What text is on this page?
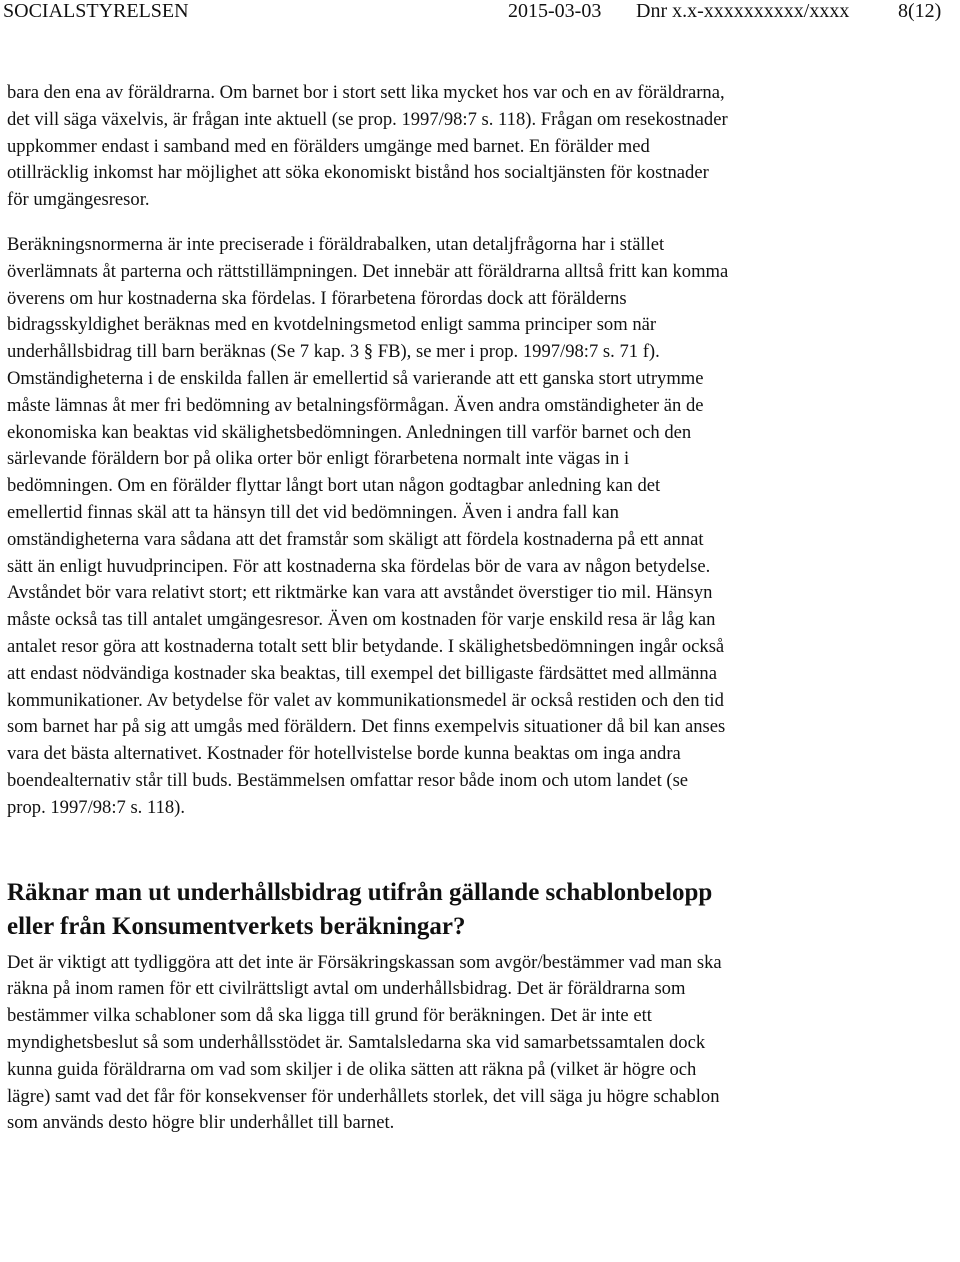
SOCIALSTYRELSEN	2015-03-03 Dnr x.x-xxxxxxxxxx/xxxx 8(12)

bara den ena av föräldrarna. Om barnet bor i stort sett lika mycket hos var och en av föräldrarna, det vill säga växelvis, är frågan inte aktuell (se prop. 1997/98:7 s. 118). Frågan om resekostnader uppkommer endast i samband med en förälders umgänge med barnet. En förälder med otillräcklig inkomst har möjlighet att söka ekonomiskt bistånd hos socialtjänsten för kostnader för umgängesresor.

Beräkningsnormerna är inte preciserade i föräldrabalken, utan detaljfrågorna har i stället överlämnats åt parterna och rättstillämpningen. Det innebär att föräldrarna alltså fritt kan komma överens om hur kostnaderna ska fördelas. I förarbetena förordas dock att förälderns bidragsskyldighet beräknas med en kvotdelningsmetod enligt samma principer som när underhållsbidrag till barn beräknas (Se 7 kap. 3 § FB), se mer i prop. 1997/98:7 s. 71 f). Omständigheterna i de enskilda fallen är emellertid så varierande att ett ganska stort utrymme måste lämnas åt mer fri bedömning av betalningsförmågan. Även andra omständigheter än de ekonomiska kan beaktas vid skälighetsbedömningen. Anledningen till varför barnet och den särlevande föräldern bor på olika orter bör enligt förarbetena normalt inte vägas in i bedömningen. Om en förälder flyttar långt bort utan någon godtagbar anledning kan det emellertid finnas skäl att ta hänsyn till det vid bedömningen. Även i andra fall kan omständigheterna vara sådana att det framstår som skäligt att fördela kostnaderna på ett annat sätt än enligt huvudprincipen. För att kostnaderna ska fördelas bör de vara av någon betydelse. Avståndet bör vara relativt stort; ett riktmärke kan vara att avståndet överstiger tio mil. Hänsyn måste också tas till antalet umgängesresor. Även om kostnaden för varje enskild resa är låg kan antalet resor göra att kostnaderna totalt sett blir betydande. I skälighetsbedömningen ingår också att endast nödvändiga kostnader ska beaktas, till exempel det billigaste färdsättet med allmänna kommunikationer. Av betydelse för valet av kommunikationsmedel är också restiden och den tid som barnet har på sig att umgås med föräldern. Det finns exempelvis situationer då bil kan anses vara det bästa alternativet. Kostnader för hotellvistelse borde kunna beaktas om inga andra boendealternativ står till buds. Bestämmelsen omfattar resor både inom och utom landet (se prop. 1997/98:7 s. 118).

Räknar man ut underhållsbidrag utifrån gällande schablonbelopp eller från Konsumentverkets beräkningar?

Det är viktigt att tydliggöra att det inte är Försäkringskassan som avgör/bestämmer vad man ska räkna på inom ramen för ett civilrättsligt avtal om underhållsbidrag. Det är föräldrarna som bestämmer vilka schabloner som då ska ligga till grund för beräkningen. Det är inte ett myndighetsbeslut så som underhållsstödet är. Samtalsledarna ska vid samarbetssamtalen dock kunna guida föräldrarna om vad som skiljer i de olika sätten att räkna på (vilket är högre och lägre) samt vad det får för konsekvenser för underhållets storlek, det vill säga ju högre schablon som används desto högre blir underhållet till barnet.
